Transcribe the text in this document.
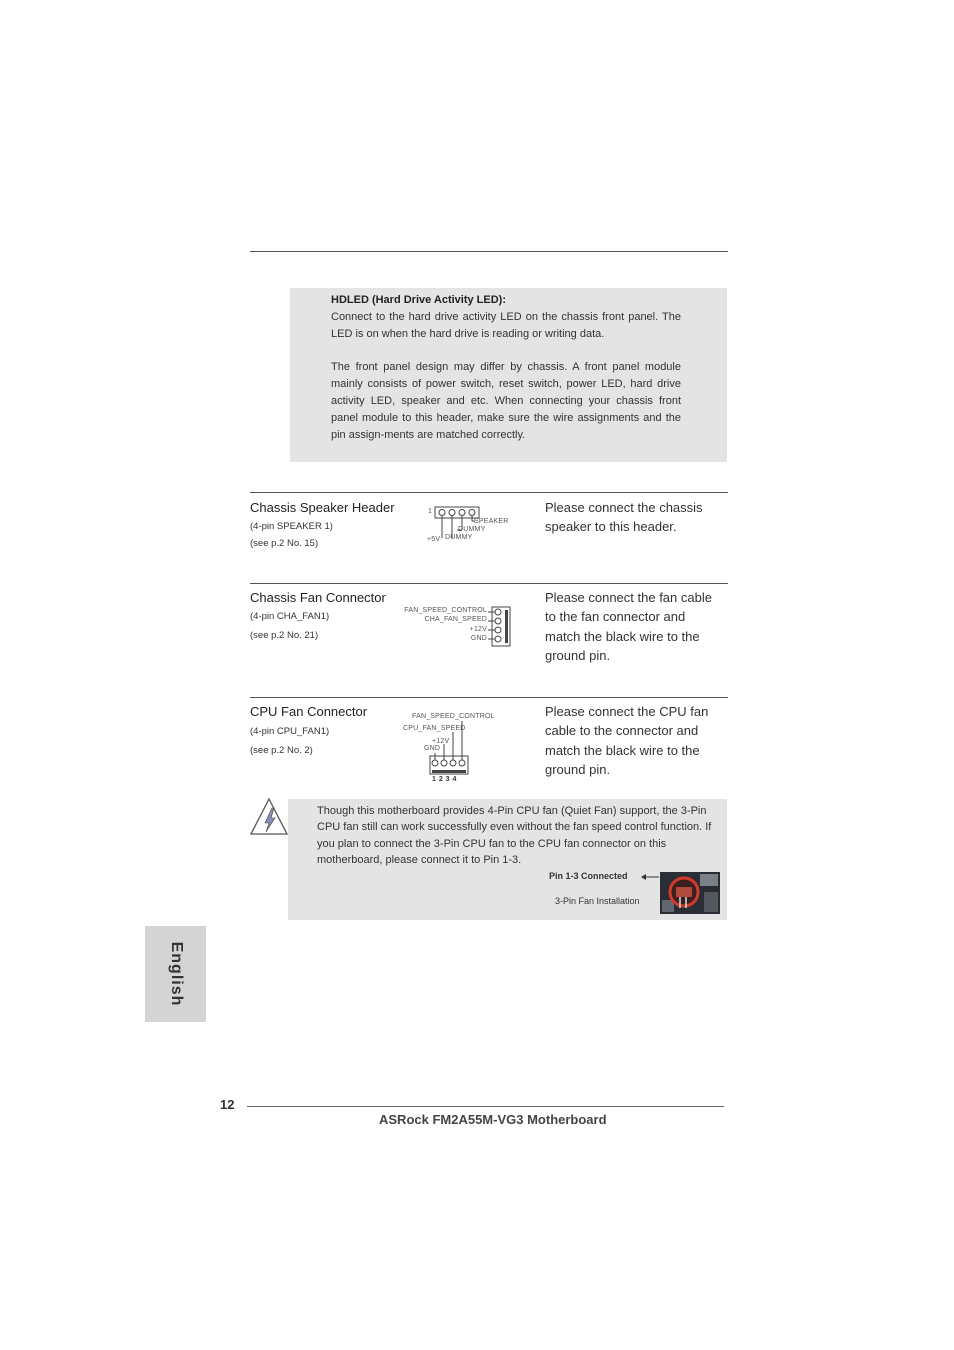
HDLED (Hard Drive Activity LED):
Connect to the hard drive activity LED on the chassis front panel. The LED is on when the hard drive is reading or writing data.
The front panel design may differ by chassis. A front panel module mainly consists of power switch, reset switch, power LED, hard drive activity LED, speaker and etc. When connecting your chassis front panel module to this header, make sure the wire assignments and the pin assign-ments are matched correctly.
Chassis Speaker Header
(4-pin SPEAKER 1)
(see p.2 No. 15)
Please connect the chassis speaker to this header.
1
SPEAKER
DUMMY
+5V DUMMY
Chassis Fan Connector
(4-pin CHA_FAN1)
(see p.2 No. 21)
Please connect the fan cable to the fan connector and match the black wire to the ground pin.
FAN_SPEED_CONTROL
CHA_FAN_SPEED
+12V
GND
CPU Fan Connector
(4-pin CPU_FAN1)
(see p.2 No. 2)
Please connect the CPU fan cable to the connector and match the black wire to the ground pin.
FAN_SPEED_CONTROL
CPU_FAN_SPEED
+12V
GND
1 2 3 4
Though this motherboard provides 4-Pin CPU fan (Quiet Fan) support, the 3-Pin CPU fan still can work successfully even without the fan speed control function. If you plan to connect the 3-Pin CPU fan to the CPU fan connector on this motherboard, please connect it to Pin 1-3.
Pin 1-3 Connected
3-Pin Fan Installation
English
12
ASRock FM2A55M-VG3 Motherboard
